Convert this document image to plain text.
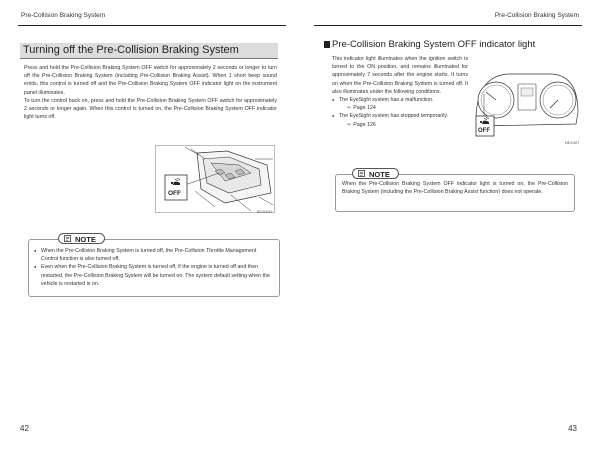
Pre-Collision Braking System
Turning off the Pre-Collision Braking System

Press and hold the Pre-Collision Braking System OFF switch for approximately 2 seconds or longer to turn off the Pre-Collision Braking System (including Pre-Collision Braking Assist). When 1 short beep sound emits, this control is turned off and the Pre-Collision Braking System OFF indicator light on the instrument panel illuminates.

To turn the control back on, press and hold the Pre-Collision Braking System OFF switch for approximately 2 seconds or longer again. When this control is turned on, the Pre-Collision Braking System OFF indicator light turns off.

OFF
BO3100
NOTE
● When the Pre-Collision Braking System is turned off, the Pre-Collision Throttle Management Control function is also turned off.
● Even when the Pre-Collision Braking System is turned off, if the engine is turned off and then restarted, the Pre-Collision Braking System will be turned on. The system default setting when the vehicle is restarted is on.
42
Pre-Collision Braking System
Pre-Collision Braking System OFF indicator light

This indicator light illuminates when the ignition switch is turned to the ON position, and remains illuminated for approximately 7 seconds after the engine starts. It turns on when the Pre-Collision Braking System is turned off. It also illuminates under the following conditions.

● The EyeSight system has a malfunction.
⇨ Page 124
● The EyeSight system has stopped temporarily.
⇨ Page 126
43
OFF
NE2407
NOTE
When the Pre-Collision Braking System OFF indicator light is turned on, the Pre-Collision Braking System (including the Pre-Collision Braking Assist function) does not operate.
